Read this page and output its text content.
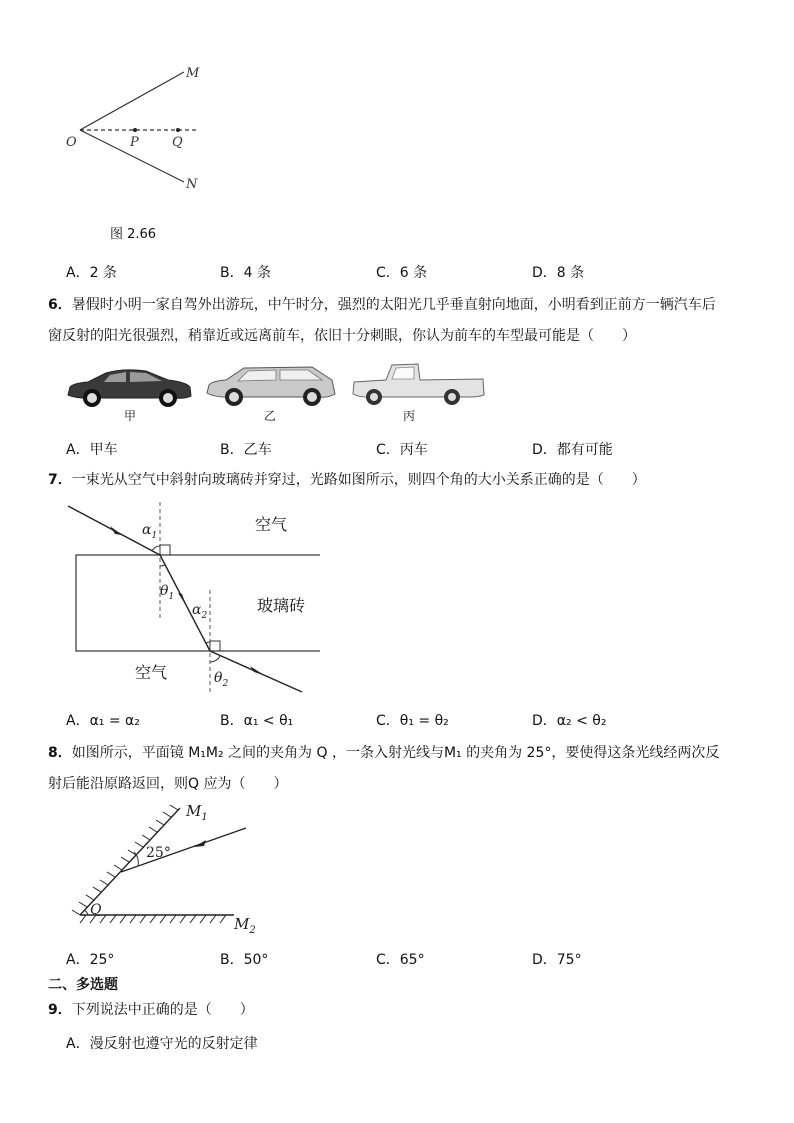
O	P	Q
M
N
图 2.66
A．2 条	B．4 条	C．6 条	D．8 条
6．暑假时小明一家自驾外出游玩，中午时分，强烈的太阳光几乎垂直射向地面，小明看到正前方一辆汽车后
窗反射的阳光很强烈，稍靠近或远离前车，依旧十分刺眼，你认为前车的车型最可能是（　　）
甲	乙	丙
A．甲车	B．乙车	C．丙车	D．都有可能
7．一束光从空气中斜射向玻璃砖并穿过，光路如图所示，则四个角的大小关系正确的是（　　）
$\alpha_1$
$\theta_1$
$\alpha_2$
$\theta_2$
空气
玻璃砖
空气
A．α₁ = α₂	B．α₁ < θ₁	C．θ₁ = θ₂	D．α₂ < θ₂
8．如图所示，平面镜 M₁M₂ 之间的夹角为 Q ，一条入射光线与M₁ 的夹角为 25°，要使得这条光线经两次反
射后能沿原路返回，则Q 应为（　　）
25°
$M_1$
$M_2$
Q
A．25°	B．50°	C．65°	D．75°
二、多选题
9．下列说法中正确的是（　　）
A．漫反射也遵守光的反射定律
